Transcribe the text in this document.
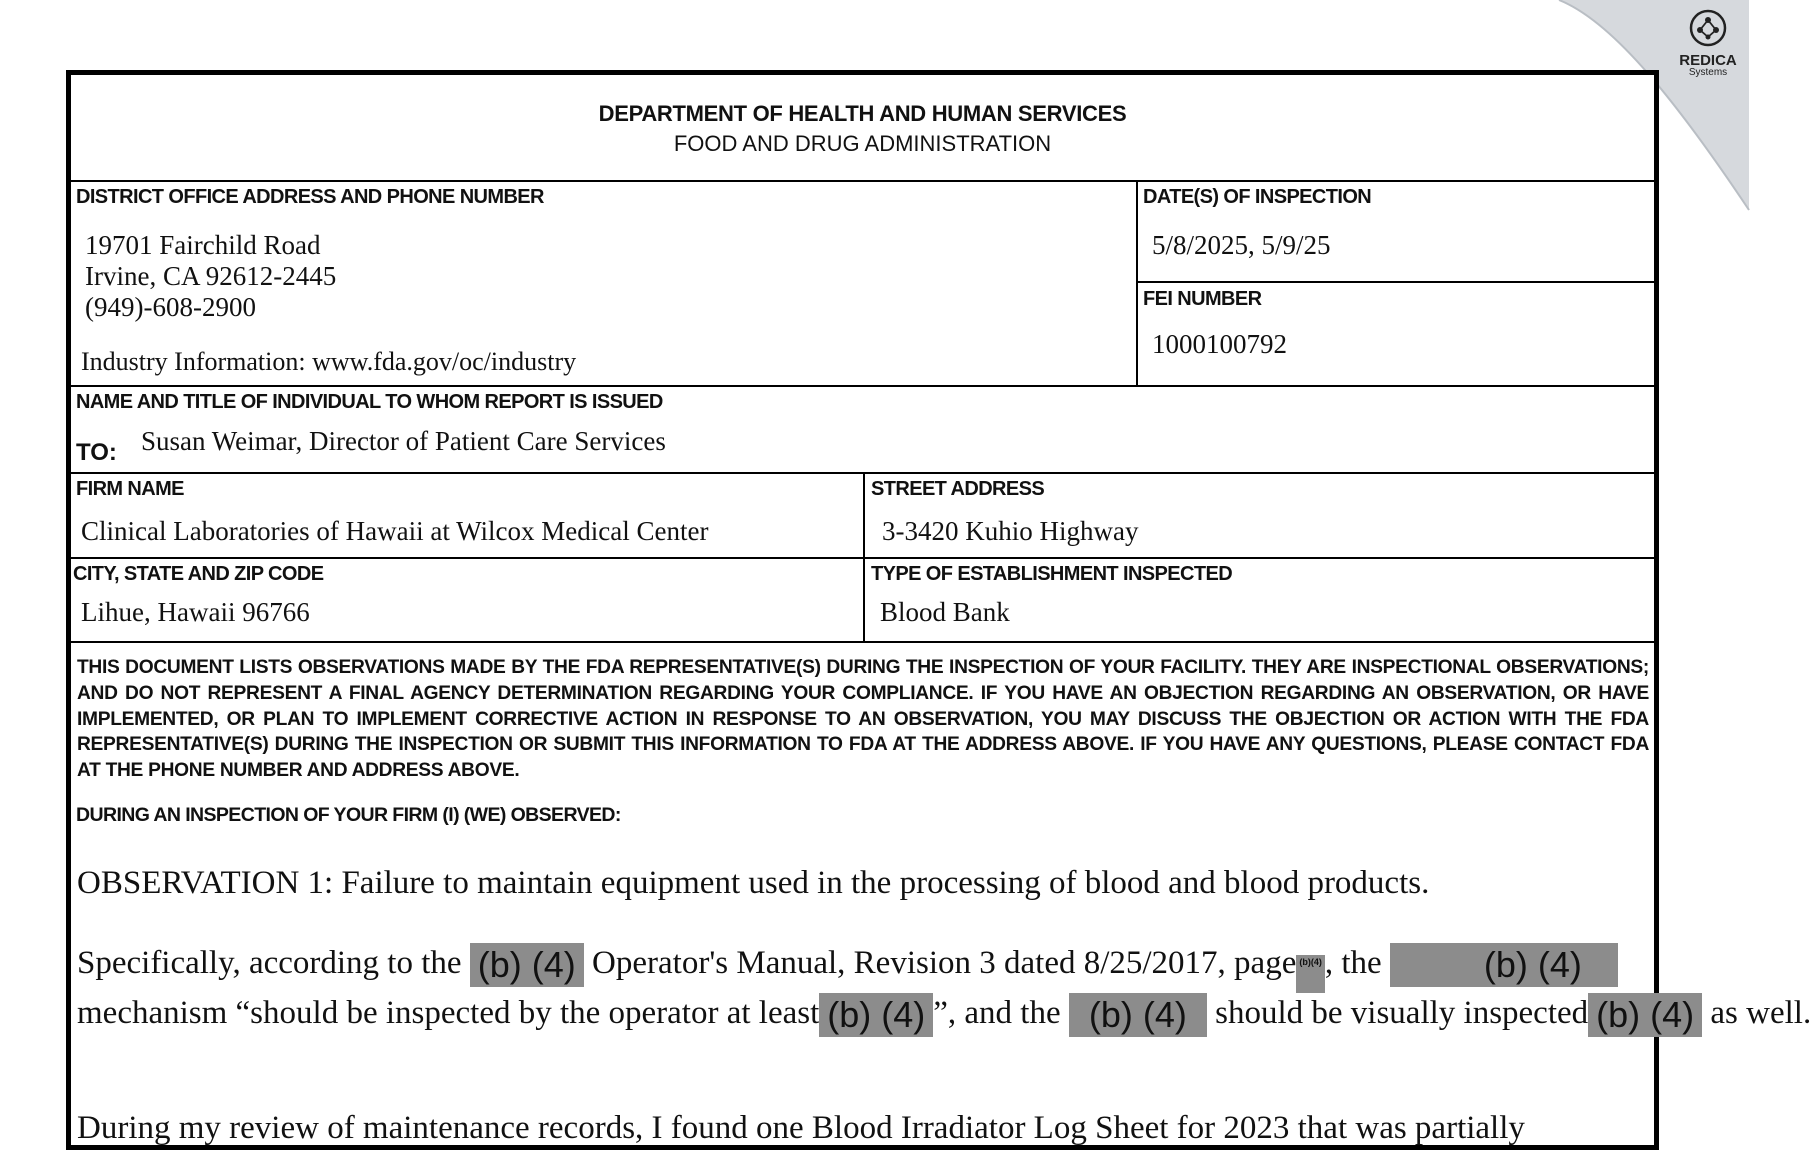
REDICA
Systems
DEPARTMENT OF HEALTH AND HUMAN SERVICES
FOOD AND DRUG ADMINISTRATION
DISTRICT OFFICE ADDRESS AND PHONE NUMBER
19701 Fairchild Road
Irvine, CA 92612-2445
(949)-608-2900
Industry Information: www.fda.gov/oc/industry
DATE(S) OF INSPECTION
5/8/2025, 5/9/25
FEI NUMBER
1000100792
NAME AND TITLE OF INDIVIDUAL TO WHOM REPORT IS ISSUED
TO: Susan Weimar, Director of Patient Care Services
FIRM NAME
Clinical Laboratories of Hawaii at Wilcox Medical Center
STREET ADDRESS
3-3420 Kuhio Highway
CITY, STATE AND ZIP CODE
Lihue, Hawaii 96766
TYPE OF ESTABLISHMENT INSPECTED
Blood Bank
THIS DOCUMENT LISTS OBSERVATIONS MADE BY THE FDA REPRESENTATIVE(S) DURING THE INSPECTION OF YOUR FACILITY. THEY ARE INSPECTIONAL OBSERVATIONS; AND DO NOT REPRESENT A FINAL AGENCY DETERMINATION REGARDING YOUR COMPLIANCE. IF YOU HAVE AN OBJECTION REGARDING AN OBSERVATION, OR HAVE IMPLEMENTED, OR PLAN TO IMPLEMENT CORRECTIVE ACTION IN RESPONSE TO AN OBSERVATION, YOU MAY DISCUSS THE OBJECTION OR ACTION WITH THE FDA REPRESENTATIVE(S) DURING THE INSPECTION OR SUBMIT THIS INFORMATION TO FDA AT THE ADDRESS ABOVE. IF YOU HAVE ANY QUESTIONS, PLEASE CONTACT FDA AT THE PHONE NUMBER AND ADDRESS ABOVE.
DURING AN INSPECTION OF YOUR FIRM (I) (WE) OBSERVED:
OBSERVATION 1: Failure to maintain equipment used in the processing of blood and blood products.
Specifically, according to the (b) (4) Operator's Manual, Revision 3 dated 8/25/2017, page (b)(4), the	(b) (4)
mechanism “should be inspected by the operator at least (b) (4) ”, and the (b) (4) should be visually inspected (b) (4) as well.
During my review of maintenance records, I found one Blood Irradiator Log Sheet for 2023 that was partially
